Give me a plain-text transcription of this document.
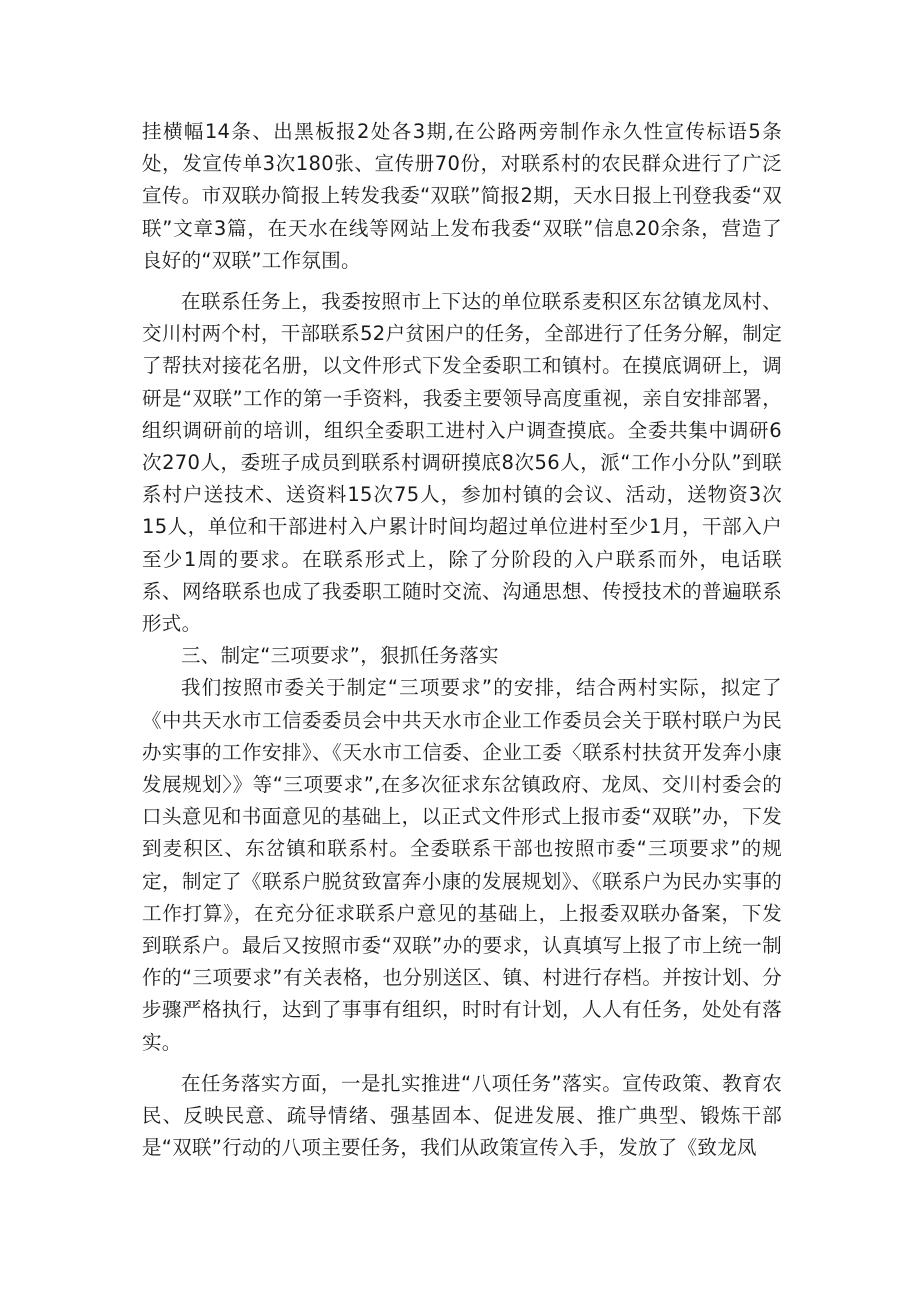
挂横幅14条、出黑板报2处各3期,在公路两旁制作永久性宣传标语5条处，发宣传单3次180张、宣传册70份，对联系村的农民群众进行了广泛宣传。市双联办简报上转发我委“双联”简报2期，天水日报上刊登我委“双联”文章3篇，在天水在线等网站上发布我委“双联”信息20余条，营造了良好的“双联”工作氛围。

在联系任务上，我委按照市上下达的单位联系麦积区东岔镇龙凤村、交川村两个村，干部联系52户贫困户的任务，全部进行了任务分解，制定了帮扶对接花名册，以文件形式下发全委职工和镇村。在摸底调研上，调研是“双联”工作的第一手资料，我委主要领导高度重视，亲自安排部署，组织调研前的培训，组织全委职工进村入户调查摸底。全委共集中调研6次270人，委班子成员到联系村调研摸底8次56人，派“工作小分队”到联系村户送技术、送资料15次75人，参加村镇的会议、活动，送物资3次15人，单位和干部进村入户累计时间均超过单位进村至少1月，干部入户至少1周的要求。在联系形式上，除了分阶段的入户联系而外，电话联系、网络联系也成了我委职工随时交流、沟通思想、传授技术的普遍联系形式。

三、制定“三项要求”，狠抓任务落实

我们按照市委关于制定“三项要求”的安排，结合两村实际，拟定了《中共天水市工信委委员会中共天水市企业工作委员会关于联村联户为民办实事的工作安排》、《天水市工信委、企业工委〈联系村扶贫开发奔小康发展规划〉》等“三项要求”,在多次征求东岔镇政府、龙凤、交川村委会的口头意见和书面意见的基础上，以正式文件形式上报市委“双联”办，下发到麦积区、东岔镇和联系村。全委联系干部也按照市委“三项要求”的规定，制定了《联系户脱贫致富奔小康的发展规划》、《联系户为民办实事的工作打算》，在充分征求联系户意见的基础上，上报委双联办备案，下发到联系户。最后又按照市委“双联”办的要求，认真填写上报了市上统一制作的“三项要求”有关表格，也分别送区、镇、村进行存档。并按计划、分步骤严格执行，达到了事事有组织，时时有计划，人人有任务，处处有落实。

在任务落实方面，一是扎实推进“八项任务”落实。宣传政策、教育农民、反映民意、疏导情绪、强基固本、促进发展、推广典型、锻炼干部是“双联”行动的八项主要任务，我们从政策宣传入手，发放了《致龙凤
